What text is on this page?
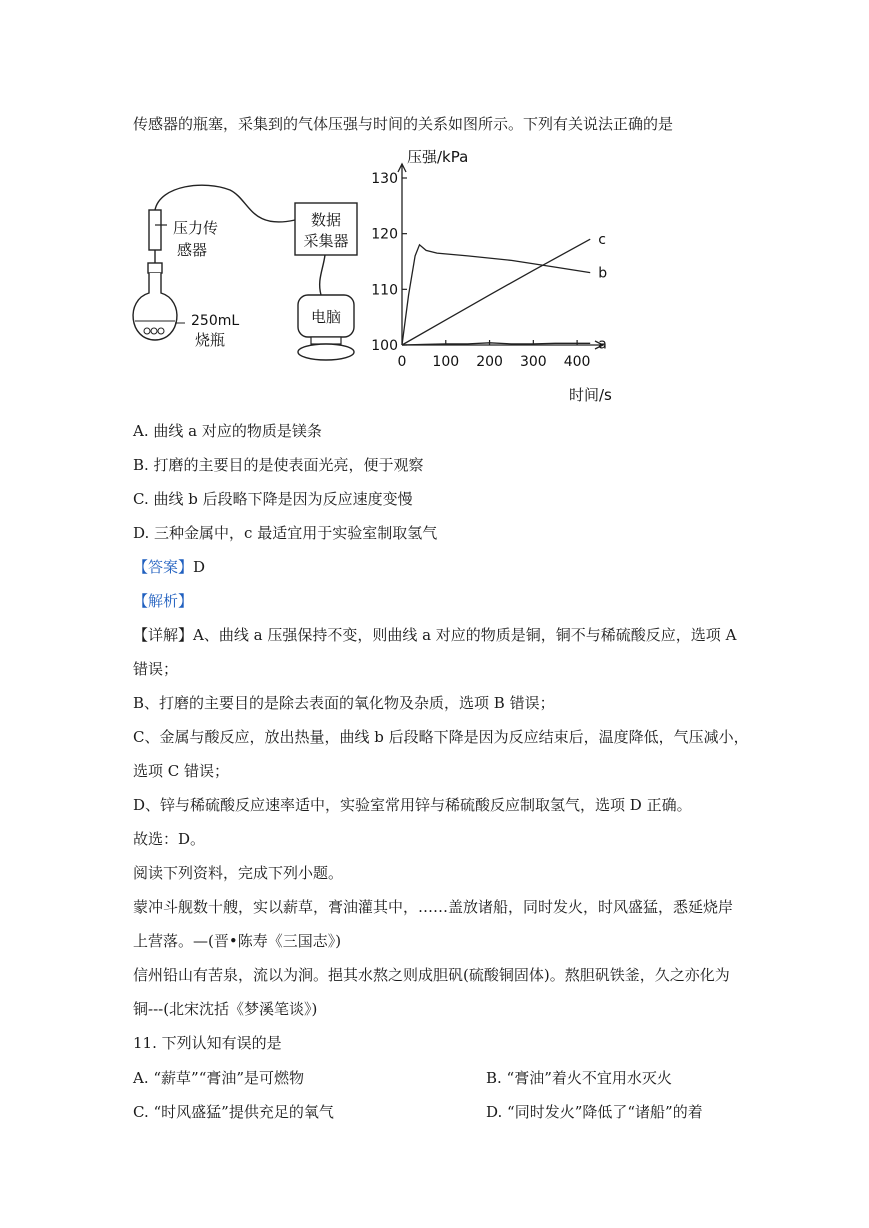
传感器的瓶塞，采集到的气体压强与时间的关系如图所示。下列有关说法正确的是
压力传
感器
250mL
烧瓶
数据
采集器
电脑
压强/kPa
时间/s
100
110
120
130
0 100 200 300 400
a
b
c
A. 曲线 a 对应的物质是镁条
B. 打磨的主要目的是使表面光亮，便于观察
C. 曲线 b 后段略下降是因为反应速度变慢
D. 三种金属中，c 最适宜用于实验室制取氢气
【答案】D
【解析】
【详解】A、曲线 a 压强保持不变，则曲线 a 对应的物质是铜，铜不与稀硫酸反应，选项 A
错误；
B、打磨的主要目的是除去表面的氧化物及杂质，选项 B 错误；
C、金属与酸反应，放出热量，曲线 b 后段略下降是因为反应结束后，温度降低，气压减小，
选项 C 错误；
D、锌与稀硫酸反应速率适中，实验室常用锌与稀硫酸反应制取氢气，选项 D 正确。
故选：D。
阅读下列资料，完成下列小题。
蒙冲斗舰数十艘，实以薪草，膏油灌其中，……盖放诸船，同时发火，时风盛猛，悉延烧岸
上营落。—(晋•陈寿《三国志》)
信州铅山有苦泉，流以为涧。挹其水熬之则成胆矾(硫酸铜固体)。熬胆矾铁釜，久之亦化为
铜---(北宋沈括《梦溪笔谈》)
11. 下列认知有误的是
A. “薪草”“膏油”是可燃物	B. “膏油”着火不宜用水灭火
C. “时风盛猛”提供充足的氧气	D. “同时发火”降低了“诸船”的着
